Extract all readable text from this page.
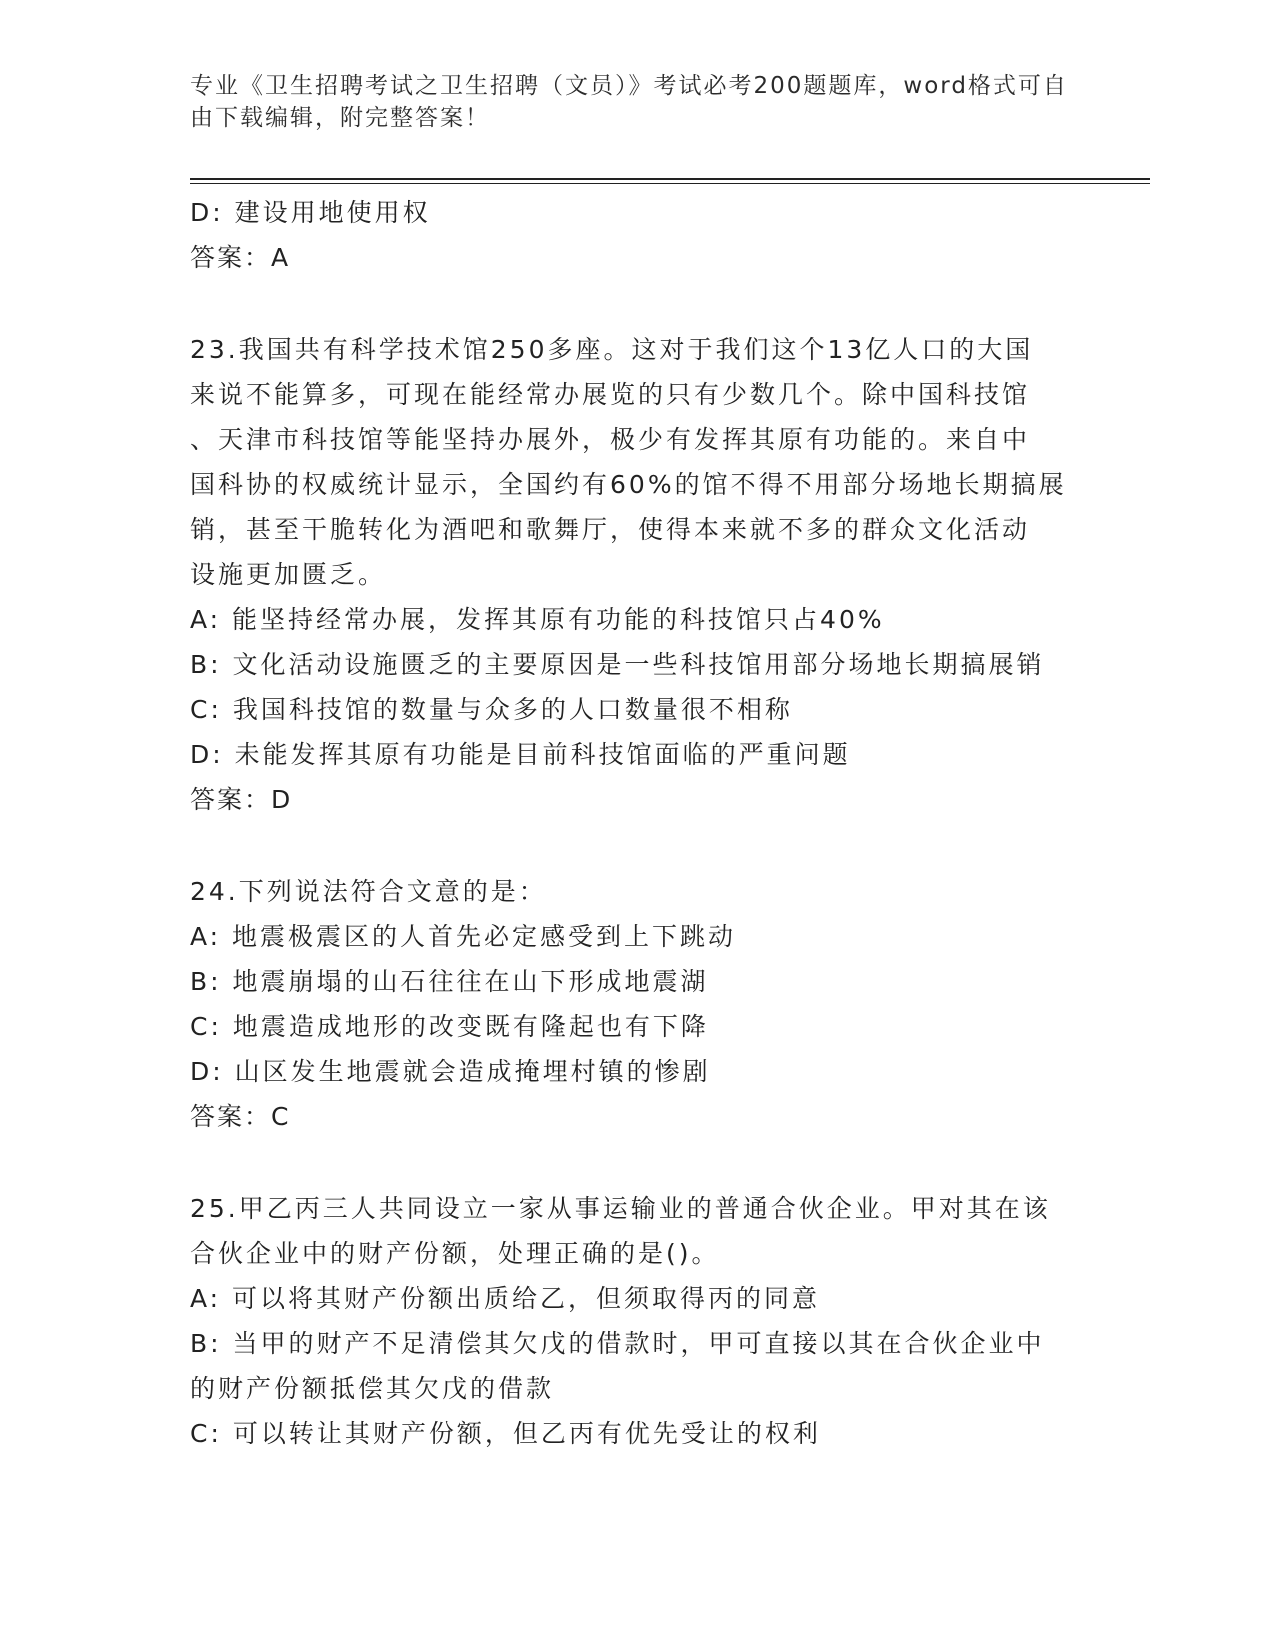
专业《卫生招聘考试之卫生招聘（文员）》考试必考200题题库，word格式可自
由下载编辑，附完整答案！
D: 建设用地使用权
答案：A
23.我国共有科学技术馆250多座。这对于我们这个13亿人口的大国
来说不能算多，可现在能经常办展览的只有少数几个。除中国科技馆
、天津市科技馆等能坚持办展外，极少有发挥其原有功能的。来自中
国科协的权威统计显示，全国约有60%的馆不得不用部分场地长期搞展
销，甚至干脆转化为酒吧和歌舞厅，使得本来就不多的群众文化活动
设施更加匮乏。
A: 能坚持经常办展，发挥其原有功能的科技馆只占40%
B: 文化活动设施匮乏的主要原因是一些科技馆用部分场地长期搞展销
C: 我国科技馆的数量与众多的人口数量很不相称
D: 未能发挥其原有功能是目前科技馆面临的严重问题
答案：D
24.下列说法符合文意的是：
A: 地震极震区的人首先必定感受到上下跳动
B: 地震崩塌的山石往往在山下形成地震湖
C: 地震造成地形的改变既有隆起也有下降
D: 山区发生地震就会造成掩埋村镇的惨剧
答案：C
25.甲乙丙三人共同设立一家从事运输业的普通合伙企业。甲对其在该
合伙企业中的财产份额，处理正确的是()。
A: 可以将其财产份额出质给乙，但须取得丙的同意
B: 当甲的财产不足清偿其欠戊的借款时，甲可直接以其在合伙企业中
的财产份额抵偿其欠戊的借款
C: 可以转让其财产份额，但乙丙有优先受让的权利
